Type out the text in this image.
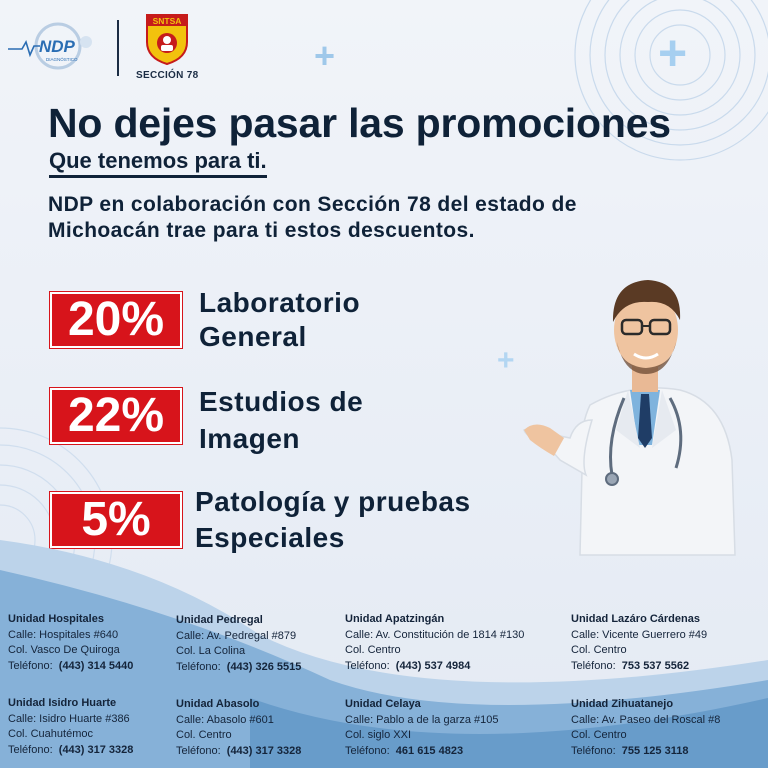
+	+
+
NDP
DIAGNÓSTICO
SNTSA
SECCIÓN 78
No dejes pasar las promociones
Que tenemos para ti.
NDP en colaboración con Sección 78 del estado de Michoacán trae para ti estos descuentos.
20%	Laboratorio
General
22%	Estudios de
Imagen
5%	Patología y pruebas
Especiales
Unidad Hospitales
Calle: Hospitales #640
Col. Vasco De Quiroga
Teléfono: (443) 314 5440
Unidad Pedregal
Calle: Av. Pedregal #879
Col. La Colina
Teléfono: (443) 326 5515
Unidad Apatzingán
Calle: Av. Constitución de 1814 #130
Col. Centro
Teléfono: (443) 537 4984
Unidad Lazáro Cárdenas
Calle: Vicente Guerrero #49
Col. Centro
Teléfono: 753 537 5562
Unidad Isidro Huarte
Calle: Isidro Huarte #386
Col. Cuahutémoc
Teléfono: (443) 317 3328
Unidad Abasolo
Calle: Abasolo #601
Col. Centro
Teléfono: (443) 317 3328
Unidad Celaya
Calle: Pablo a de la garza #105
Col. siglo XXI
Teléfono: 461 615 4823
Unidad Zihuatanejo
Calle: Av. Paseo del Roscal #8
Col. Centro
Teléfono: 755 125 3118
